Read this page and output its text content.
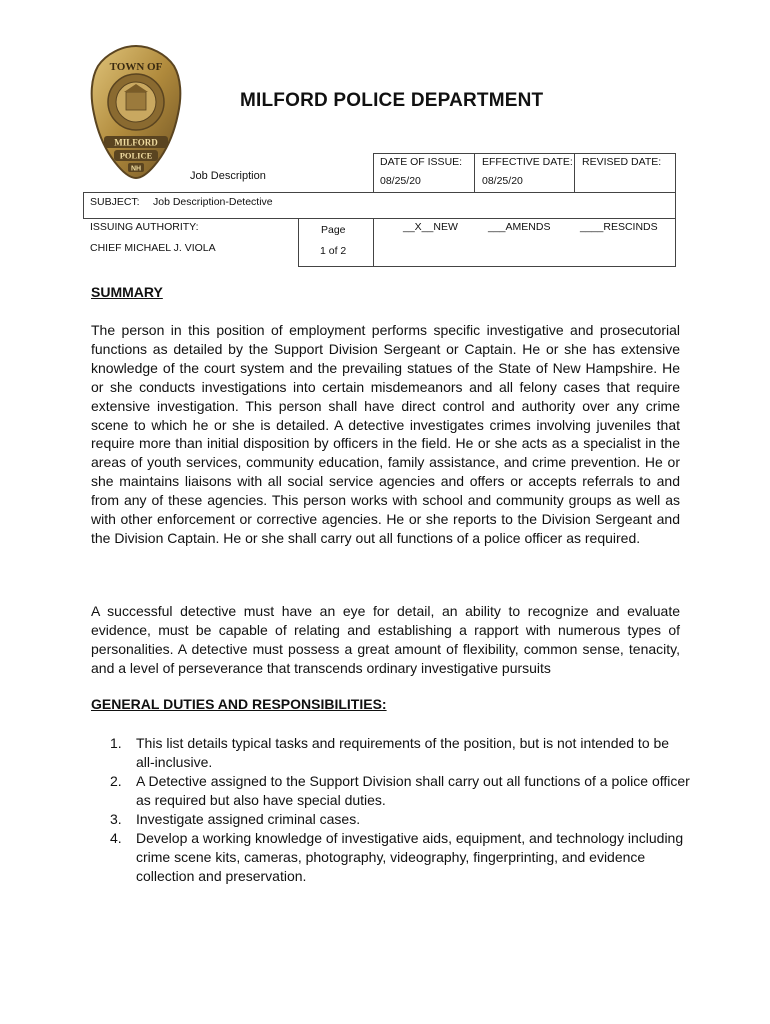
TOWN OF
MILFORD
POLICE
NH
MILFORD POLICE DEPARTMENT
Job Description
DATE OF ISSUE:
08/25/20
EFFECTIVE DATE:
08/25/20
REVISED DATE:
SUBJECT: Job Description-Detective
ISSUING AUTHORITY:
CHIEF MICHAEL J. VIOLA
Page
1 of 2
__X__NEW	___AMENDS	____RESCINDS
SUMMARY

The person in this position of employment performs specific investigative and prosecutorial functions as detailed by the Support Division Sergeant or Captain. He or she has extensive knowledge of the court system and the prevailing statues of the State of New Hampshire. He or she conducts investigations into certain misdemeanors and all felony cases that require extensive investigation. This person shall have direct control and authority over any crime scene to which he or she is detailed. A detective investigates crimes involving juveniles that require more than initial disposition by officers in the field. He or she acts as a specialist in the areas of youth services, community education, family assistance, and crime prevention. He or she maintains liaisons with all social service agencies and offers or accepts referrals to and from any of these agencies. This person works with school and community groups as well as with other enforcement or corrective agencies. He or she reports to the Division Sergeant and the Division Captain. He or she shall carry out all functions of a police officer as required.

A successful detective must have an eye for detail, an ability to recognize and evaluate evidence, must be capable of relating and establishing a rapport with numerous types of personalities. A detective must possess a great amount of flexibility, common sense, tenacity, and a level of perseverance that transcends ordinary investigative pursuits

GENERAL DUTIES AND RESPONSIBILITIES:
1. This list details typical tasks and requirements of the position, but is not intended to be all-inclusive.
2. A Detective assigned to the Support Division shall carry out all functions of a police officer as required but also have special duties.
3. Investigate assigned criminal cases.
4. Develop a working knowledge of investigative aids, equipment, and technology including crime scene kits, cameras, photography, videography, fingerprinting, and evidence collection and preservation.
